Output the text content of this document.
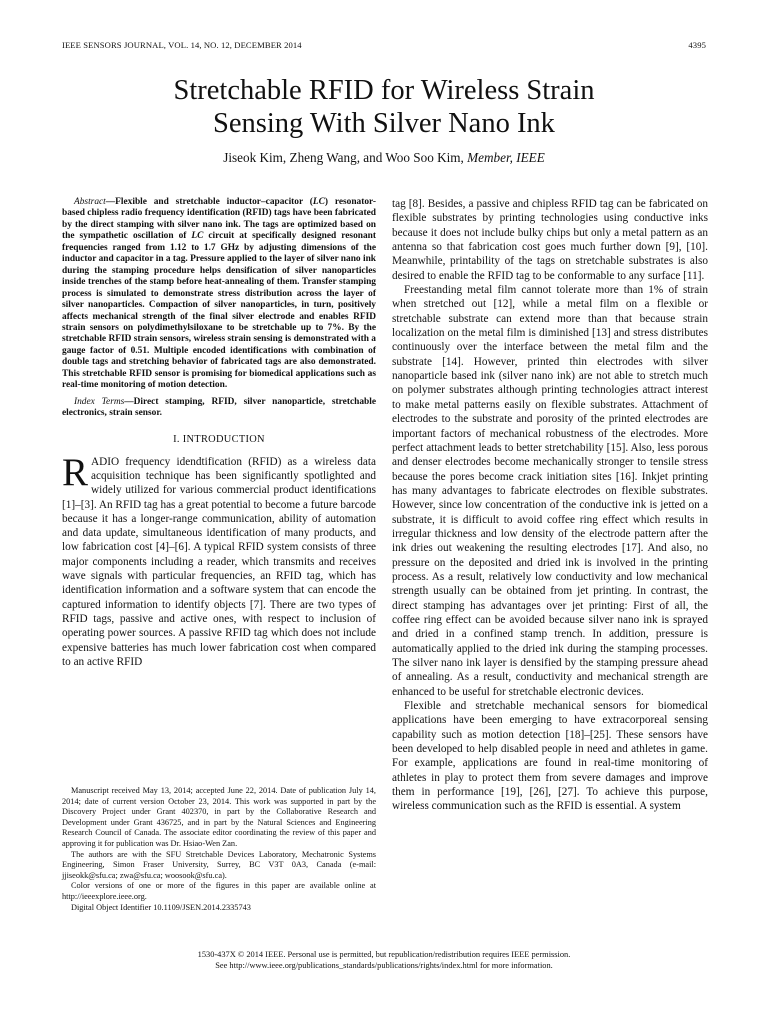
IEEE SENSORS JOURNAL, VOL. 14, NO. 12, DECEMBER 2014	4395
Stretchable RFID for Wireless Strain
Sensing With Silver Nano Ink
Jiseok Kim, Zheng Wang, and Woo Soo Kim, Member, IEEE

Abstract—Flexible and stretchable inductor–capacitor (LC) resonator-based chipless radio frequency identification (RFID) tags have been fabricated by the direct stamping with silver nano ink. The tags are optimized based on the sympathetic oscillation of LC circuit at specifically designed resonant frequencies ranged from 1.12 to 1.7 GHz by adjusting dimensions of the inductor and capacitor in a tag. Pressure applied to the layer of silver nano ink during the stamping procedure helps densification of silver nanoparticles inside trenches of the stamp before heat-annealing of them. Transfer stamping process is simulated to demonstrate stress distribution across the layer of silver nanoparticles. Compaction of silver nanoparticles, in turn, positively affects mechanical strength of the final silver electrode and enables RFID strain sensors on polydimethylsiloxane to be stretchable up to 7%. By the stretchable RFID strain sensors, wireless strain sensing is demonstrated with a gauge factor of 0.51. Multiple encoded identifications with combination of double tags and stretching behavior of fabricated tags are also demonstrated. This stretchable RFID sensor is promising for biomedical applications such as real-time monitoring of motion detection.

Index Terms—Direct stamping, RFID, silver nanoparticle, stretchable electronics, strain sensor.

I. INTRODUCTION

RADIO frequency idendtification (RFID) as a wireless data acquisition technique has been significantly spotlighted and widely utilized for various commercial product identifications [1]–[3]. An RFID tag has a great potential to become a future barcode because it has a longer-range communication, ability of automation and data update, simultaneous identification of many products, and low fabrication cost [4]–[6]. A typical RFID system consists of three major components including a reader, which transmits and receives wave signals with particular frequencies, an RFID tag, which has identification information and a software system that can encode the captured information to identify objects [7]. There are two types of RFID tags, passive and active ones, with respect to inclusion of operating power sources. A passive RFID tag which does not include expensive batteries has much lower fabrication cost when compared to an active RFID

Manuscript received May 13, 2014; accepted June 22, 2014. Date of publication July 14, 2014; date of current version October 23, 2014. This work was supported in part by the Discovery Project under Grant 402370, in part by the Collaborative Research and Development under Grant 436725, and in part by the Natural Sciences and Engineering Research Council of Canada. The associate editor coordinating the review of this paper and approving it for publication was Dr. Hsiao-Wen Zan.

The authors are with the SFU Stretchable Devices Laboratory, Mechatronic Systems Engineering, Simon Fraser University, Surrey, BC V3T 0A3, Canada (e-mail: jjiseokk@sfu.ca; zwa@sfu.ca; woosook@sfu.ca).

Color versions of one or more of the figures in this paper are available online at http://ieeexplore.ieee.org.

Digital Object Identifier 10.1109/JSEN.2014.2335743

tag [8]. Besides, a passive and chipless RFID tag can be fabricated on flexible substrates by printing technologies using conductive inks because it does not include bulky chips but only a metal pattern as an antenna so that fabrication cost goes much further down [9], [10]. Meanwhile, printability of the tags on stretchable substrates is also desired to enable the RFID tag to be conformable to any surface [11].

Freestanding metal film cannot tolerate more than 1% of strain when stretched out [12], while a metal film on a flexible or stretchable substrate can extend more than that because strain localization on the metal film is diminished [13] and stress distributes continuously over the interface between the metal film and the substrate [14]. However, printed thin electrodes with silver nanoparticle based ink (silver nano ink) are not able to stretch much on polymer substrates although printing technologies attract interest to make metal patterns easily on flexible substrates. Attachment of electrodes to the substrate and porosity of the printed electrodes are important factors of mechanical robustness of the electrodes. More perfect attachment leads to better stretchability [15]. Also, less porous and denser electrodes become mechanically stronger to tensile stress because the pores become crack initiation sites [16]. Inkjet printing has many advantages to fabricate electrodes on flexible substrates. However, since low concentration of the conductive ink is jetted on a substrate, it is difficult to avoid coffee ring effect which results in irregular thickness and low density of the electrode pattern after the ink dries out weakening the resulting electrodes [17]. And also, no pressure on the deposited and dried ink is involved in the printing process. As a result, relatively low conductivity and low mechanical strength usually can be obtained from jet printing. In contrast, the direct stamping has advantages over jet printing: First of all, the coffee ring effect can be avoided because silver nano ink is sprayed and dried in a confined stamp trench. In addition, pressure is automatically applied to the dried ink during the stamping processes. The silver nano ink layer is densified by the stamping pressure ahead of annealing. As a result, conductivity and mechanical strength are enhanced to be useful for stretchable electronic devices.

Flexible and stretchable mechanical sensors for biomedical applications have been emerging to have extracorporeal sensing capability such as motion detection [18]–[25]. These sensors have been developed to help disabled people in need and athletes in game. For example, applications are found in real-time monitoring of athletes in play to protect them from severe damages and improve them in performance [19], [26], [27]. To achieve this purpose, wireless communication such as the RFID is essential. A system

1530-437X © 2014 IEEE. Personal use is permitted, but republication/redistribution requires IEEE permission.
See http://www.ieee.org/publications_standards/publications/rights/index.html for more information.
